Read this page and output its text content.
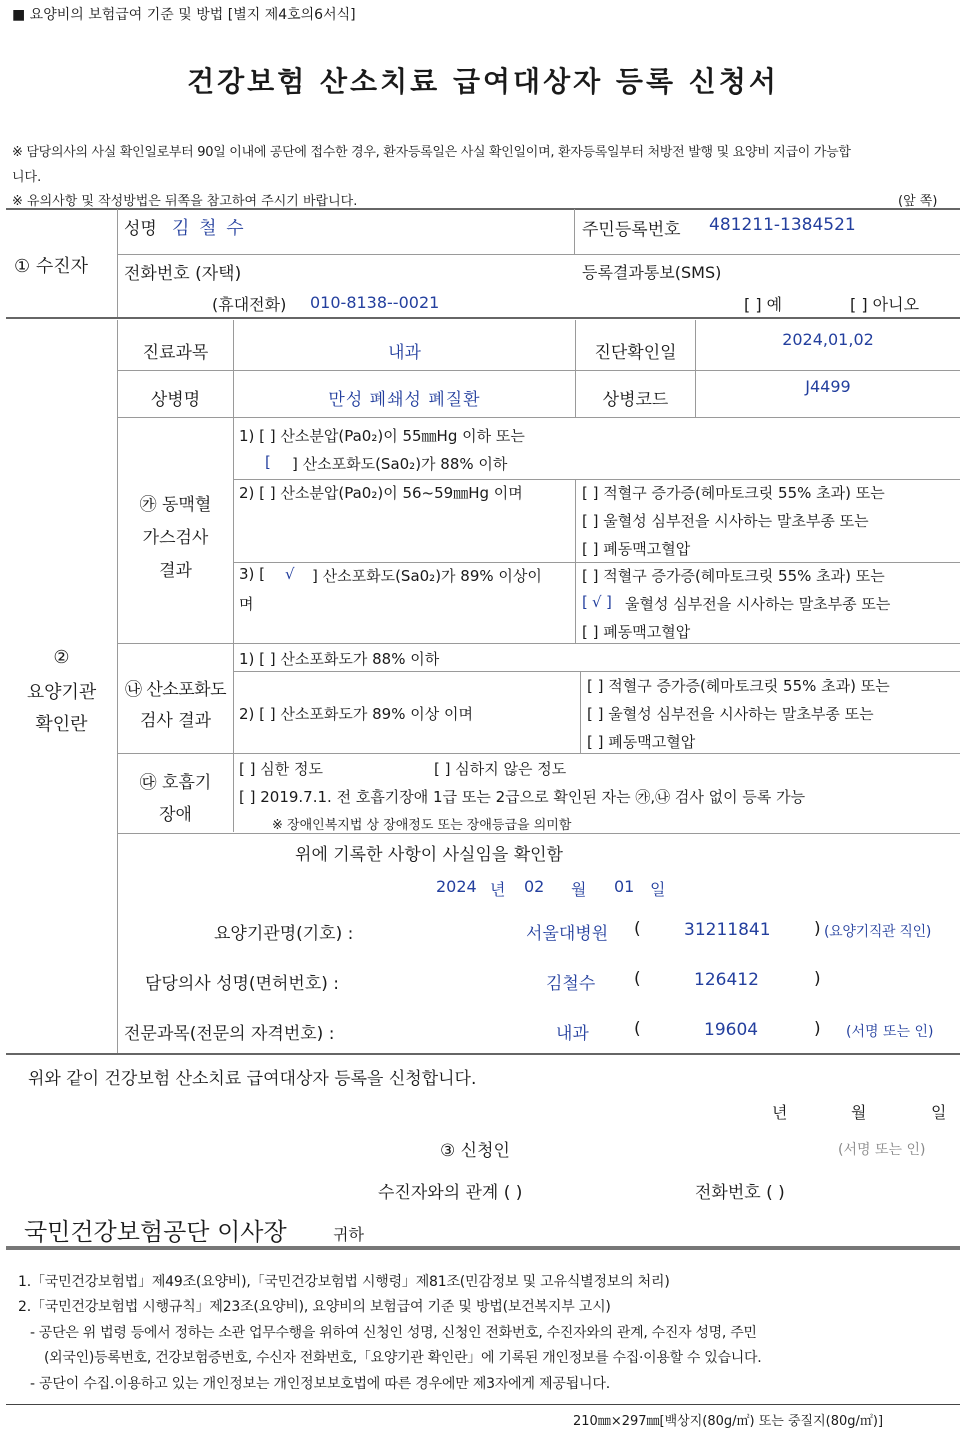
■ 요양비의 보험급여 기준 및 방법 [별지 제4호의6서식]
건강보험 산소치료 급여대상자 등록 신청서
※ 담당의사의 사실 확인일로부터 90일 이내에 공단에 접수한 경우, 환자등록일은 사실 확인일이며, 환자등록일부터 처방전 발행 및 요양비 지급이 가능합
니다.
※ 유의사항 및 작성방법은 뒤쪽을 참고하여 주시기 바랍니다.	(앞 쪽)
① 수진자
성명 김 철 수	주민등록번호 481211-1384521
전화번호 (자택)
(휴대전화) 010-8138--0021
등록결과통보(SMS)
[ ] 예	[ ] 아니오
②
요양기관
확인란
진료과목	내과	진단확인일
2024,01,02
상병명	만성 폐쇄성 폐질환	상병코드
J4499
㉮ 동맥혈
가스검사
결과
1) [ ] 산소분압(Pa0₂)이 55㎜Hg 이하 또는
[ ] 산소포화도(Sa0₂)가 88% 이하
2) [ ] 산소분압(Pa0₂)이 56~59㎜Hg 이며	[ ] 적혈구 증가증(헤마토크릿 55% 초과) 또는
[ ] 울혈성 심부전을 시사하는 말초부종 또는
[ ] 폐동맥고혈압
3) [ √ ] 산소포화도(Sa0₂)가 89% 이상이
며
[ ] 적혈구 증가증(헤마토크릿 55% 초과) 또는
[ √ ] 울혈성 심부전을 시사하는 말초부종 또는
[ ] 폐동맥고혈압
㉯ 산소포화도
검사 결과
1) [ ] 산소포화도가 88% 이하
2) [ ] 산소포화도가 89% 이상 이며
[ ] 적혈구 증가증(헤마토크릿 55% 초과) 또는
[ ] 울혈성 심부전을 시사하는 말초부종 또는
[ ] 폐동맥고혈압
㉰ 호흡기
장애
[ ] 심한 정도	[ ] 심하지 않은 정도
[ ] 2019.7.1. 전 호흡기장애 1급 또는 2급으로 확인된 자는 ㉮,㉯ 검사 없이 등록 가능
※ 장애인복지법 상 장애정도 또는 장애등급을 의미함
위에 기록한 사항이 사실임을 확인함
2024 년 02 월 01 일
요양기관명(기호) :	서울대병원 (	31211841	) (요양기직관 직인)
담당의사 성명(면허번호) :	김철수 (	126412	)
전문과목(전문의 자격번호) :	내과	(	19604	) (서명 또는 인)
위와 같이 건강보험 산소치료 급여대상자 등록을 신청합니다.
년	월	일
③ 신청인	(서명 또는 인)
수진자와의 관계 ( )	전화번호 ( )
국민건강보험공단 이사장	귀하
1.「국민건강보험법」제49조(요양비),「국민건강보험법 시행령」제81조(민감정보 및 고유식별정보의 처리)
2.「국민건강보험법 시행규칙」제23조(요양비), 요양비의 보험급여 기준 및 방법(보건복지부 고시)
- 공단은 위 법령 등에서 정하는 소관 업무수행을 위하여 신청인 성명, 신청인 전화번호, 수진자와의 관계, 수진자 성명, 주민
(외국인)등록번호, 건강보험증번호, 수신자 전화번호,「요양기관 확인란」에 기록된 개인정보를 수집·이용할 수 있습니다.
- 공단이 수집.이용하고 있는 개인정보는 개인정보보호법에 따른 경우에만 제3자에게 제공됩니다.
210㎜×297㎜[백상지(80g/㎡) 또는 중질지(80g/㎡)]
